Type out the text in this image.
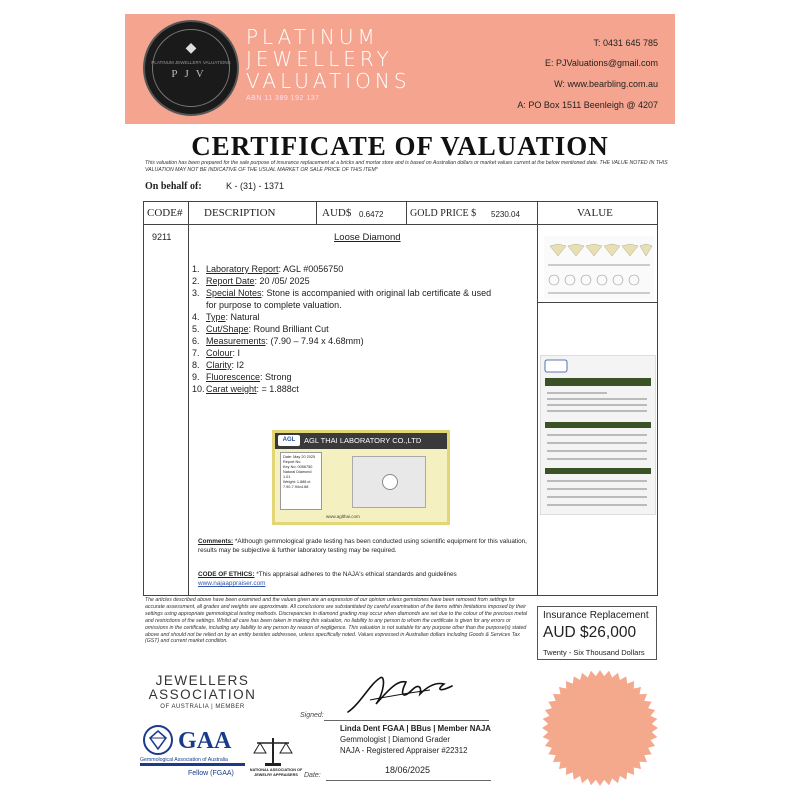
◆
PLATINUM JEWELLERY VALUATIONS
PJV
PLATINUM
JEWELLERY
VALUATIONS
ABN 11 389 192 137
T: 0431 645 785
E: PJValuations@gmail.com
W: www.bearbling.com.au
A: PO Box 1511 Beenleigh @ 4207
CERTIFICATE OF VALUATION
This valuation has been prepared for the sale purpose of insurance replacement at a bricks and mortar store and is based on Australian dollars or market values current at the below mentioned date. THE VALUE NOTED IN THIS VALUATION MAY NOT BE INDICATIVE OF THE USUAL MARKET OR SALE PRICE OF THIS ITEM*
On behalf of:	K - (31) - 1371
CODE# DESCRIPTION	AUD$ 0.6472	GOLD PRICE $ 5230.04	VALUE
9211	Loose Diamond
1. Laboratory Report: AGL #0056750
2. Report Date: 20 /05/ 2025
3. Special Notes: Stone is accompanied with original lab certificate & used
for purpose to complete valuation.
4. Type: Natural
5. Cut/Shape: Round Brilliant Cut
6. Measurements: (7.90 – 7.94 x 4.68mm)
7. Colour: I
8. Clarity: I2
9. Fluorescence: Strong
10.Carat weight: = 1.888ct
AGL	AGL THAI LABORATORY CO.,LTD
Date: May 20 2025
Report No.
Key No: 0056750
Natural Diamond
1.01
Weight: 1.888 ct
7.90-7.94x4.68
www.aglthai.com
Comments: *Although gemmological grade testing has been conducted using scientific equipment for this valuation, results may be subjective & further laboratory testing may be required.
CODE OF ETHICS: *This appraisal adheres to the NAJA's ethical standards and guidelines
www.najaappraiser.com
The articles described above have been examined and the values given are an expression of our opinion unless gemstones have been removed from settings for accurate assessment, all grades and weights are approximate. All conclusions are substantiated by careful examination of the items within limitations imposed by their settings using appropriate gemmological testing methods. Discrepancies in diamond grading may occur when diamonds are set due to the colour of the precious metal and restrictions of the settings. Whilst all care has been taken in making this valuation, no liability to any person to whom the certificate is given for any errors or omissions in the certificate, including any liability to any person by reason of negligence. This valuation is not suitable for any purpose other than the purpose(s) stated above and should not be relied on by an entity besides addressee, unless specifically noted. Values expressed in Australian dollars including Goods & Services Tax (GST) and current market condition.
Insurance Replacement
AUD $26,000
Twenty - Six Thousand Dollars
JEWELLERS
ASSOCIATION
OF AUSTRALIA | MEMBER
GAA
Gemmological Association of Australia
Fellow (FGAA)	NATIONAL ASSOCIATION OF JEWELRY APPRAISERS
Signed:
Linda Dent FGAA | BBus | Member NAJA
Gemmologist | Diamond Grader
NAJA - Registered Appraiser #22312
Date:
18/06/2025
